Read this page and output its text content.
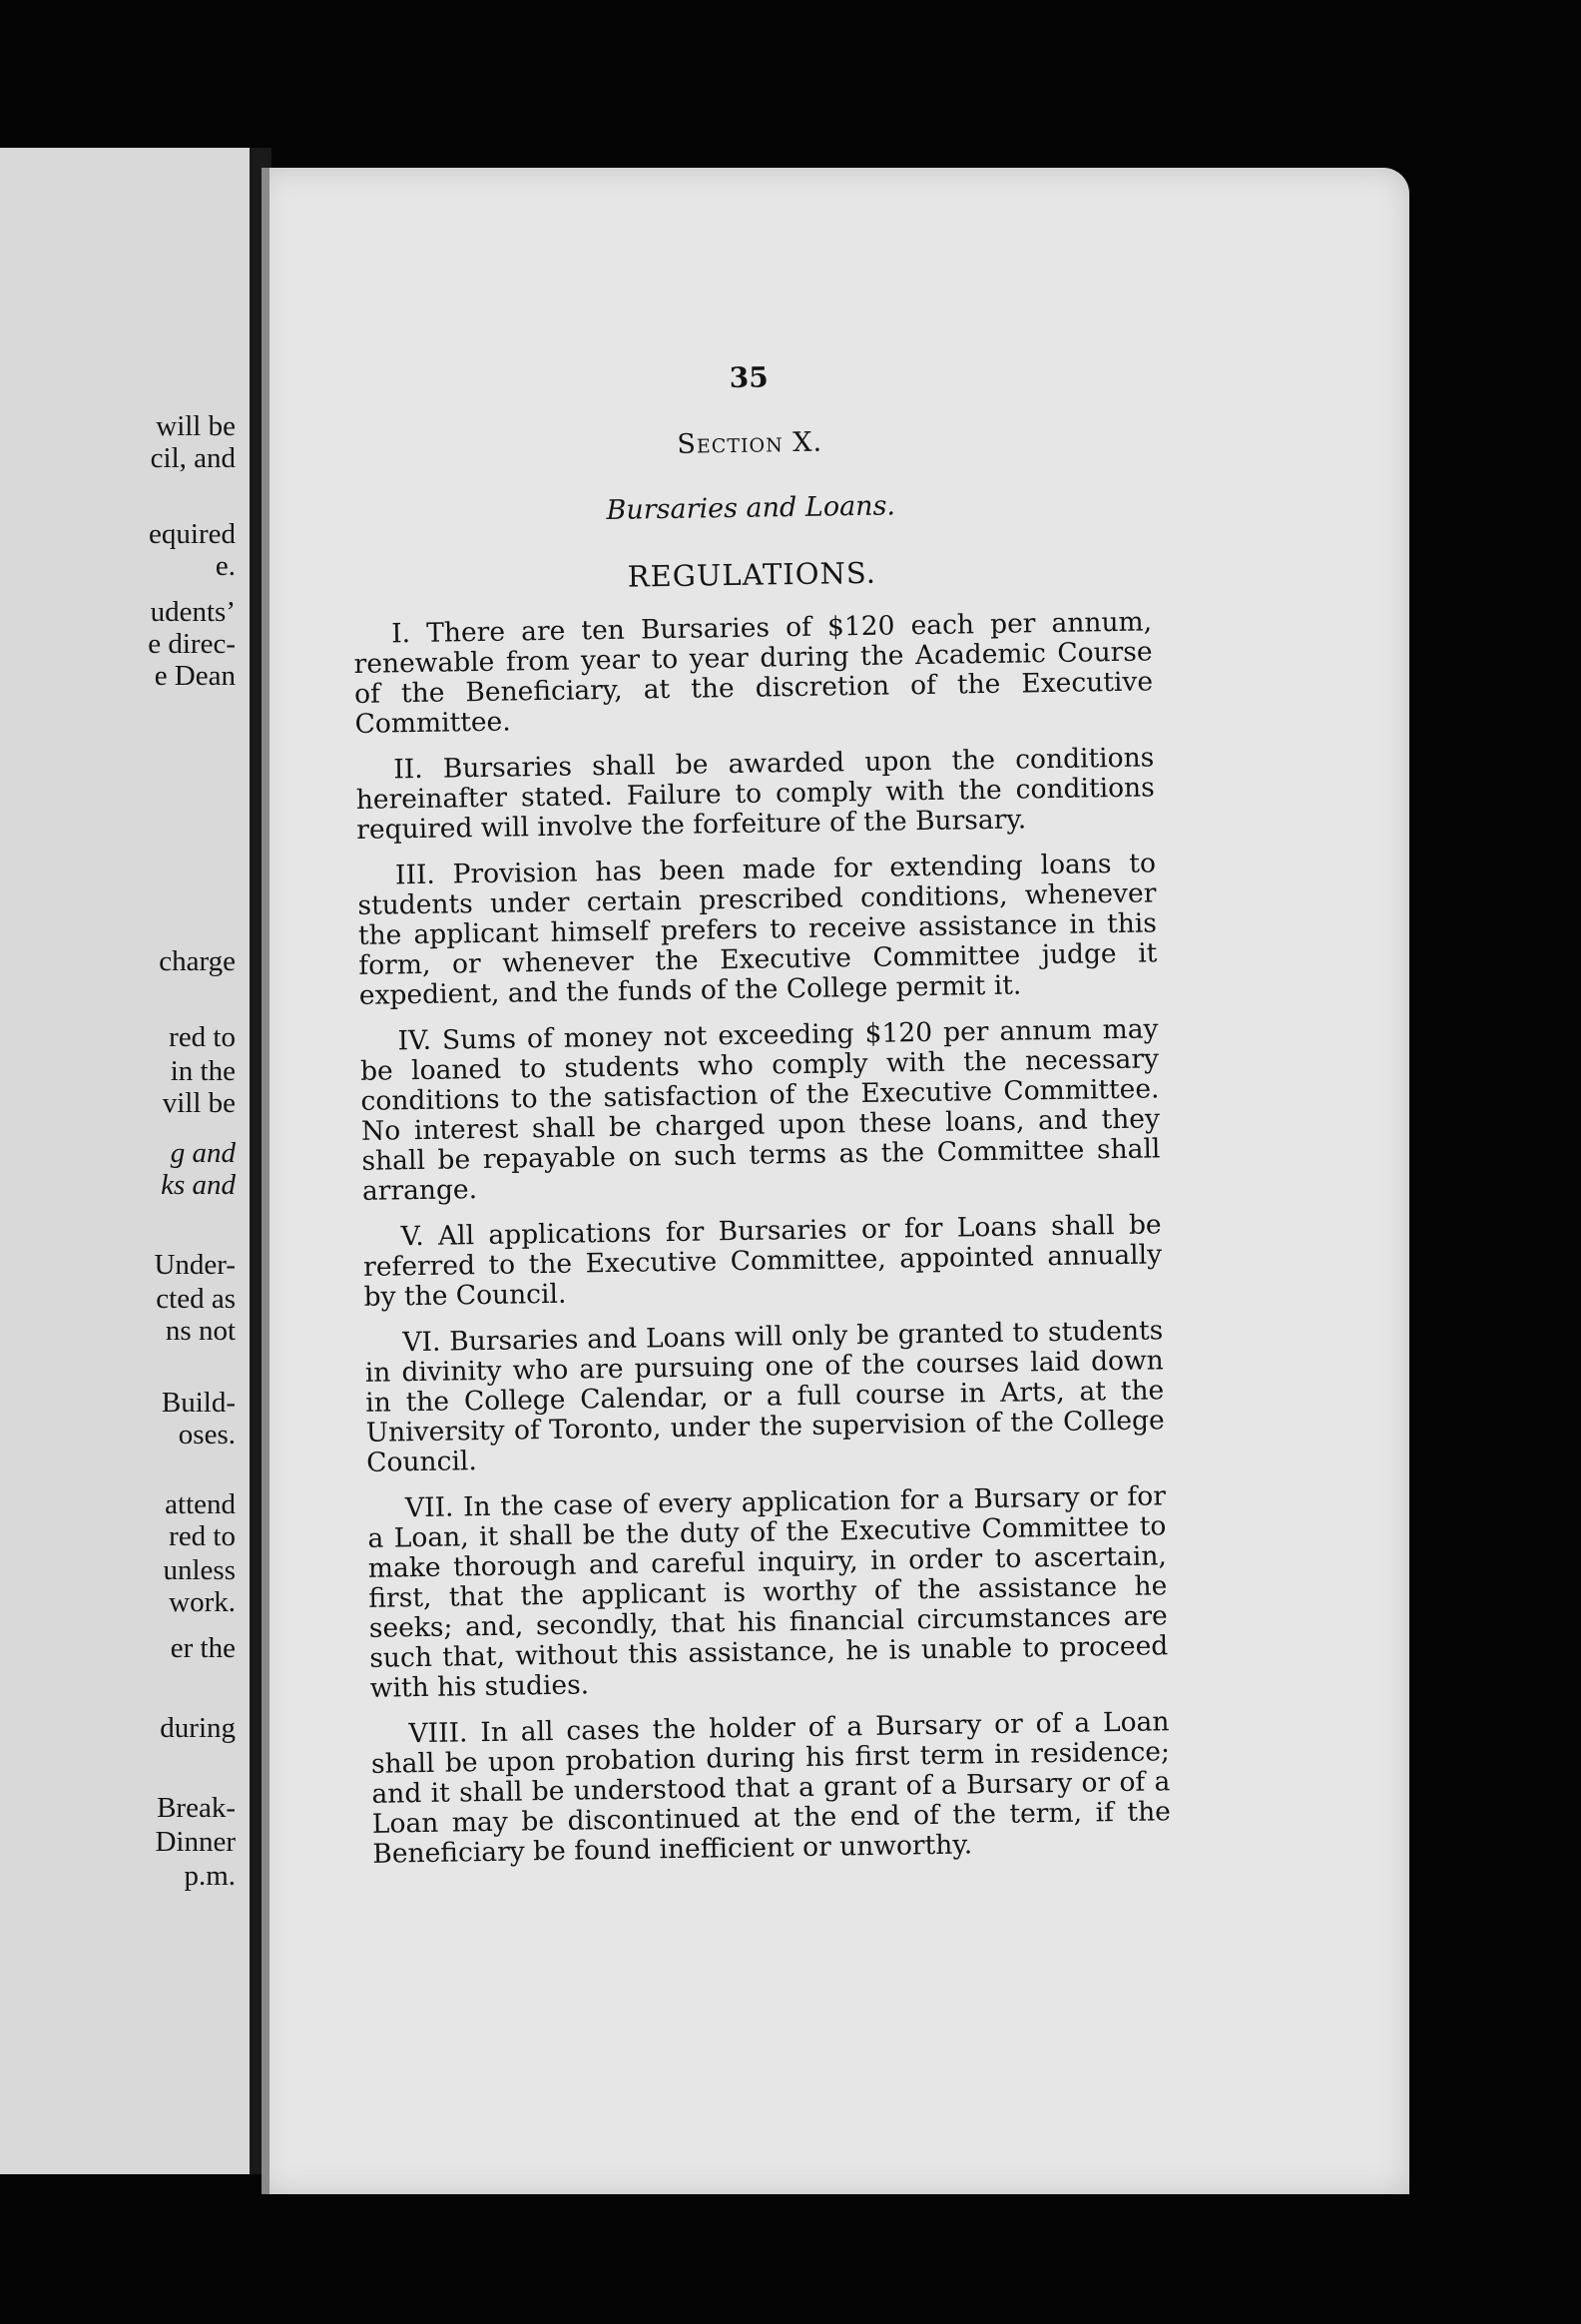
will be
cil, and
equired
e.
udents’
e direc-
e Dean
charge
red to
in the
vill be
g and
ks and
Under-
cted as
ns not
Build-
oses.
attend
red to
unless
work.
er the
during
Break-
Dinner
p.m.
35
Section X.
Bursaries and Loans.
REGULATIONS.

I. There are ten Bursaries of $120 each per annum, renewable from year to year during the Academic Course of the Beneficiary, at the discretion of the Executive Committee.

II. Bursaries shall be awarded upon the conditions hereinafter stated. Failure to comply with the conditions required will involve the forfeiture of the Bursary.

III. Provision has been made for extending loans to students under certain prescribed conditions, whenever the applicant himself prefers to receive assistance in this form, or whenever the Executive Committee judge it expedient, and the funds of the College permit it.

IV. Sums of money not exceeding $120 per annum may be loaned to students who comply with the necessary conditions to the satisfaction of the Executive Committee. No interest shall be charged upon these loans, and they shall be repayable on such terms as the Committee shall arrange.

V. All applications for Bursaries or for Loans shall be referred to the Executive Committee, appointed annually by the Council.

VI. Bursaries and Loans will only be granted to students in divinity who are pursuing one of the courses laid down in the College Calendar, or a full course in Arts, at the University of Toronto, under the supervision of the College Council.

VII. In the case of every application for a Bursary or for a Loan, it shall be the duty of the Executive Committee to make thorough and careful inquiry, in order to ascertain, first, that the applicant is worthy of the assistance he seeks; and, secondly, that his financial circumstances are such that, without this assistance, he is unable to proceed with his studies.

VIII. In all cases the holder of a Bursary or of a Loan shall be upon probation during his first term in residence; and it shall be understood that a grant of a Bursary or of a Loan may be discontinued at the end of the term, if the Beneficiary be found inefficient or unworthy.
